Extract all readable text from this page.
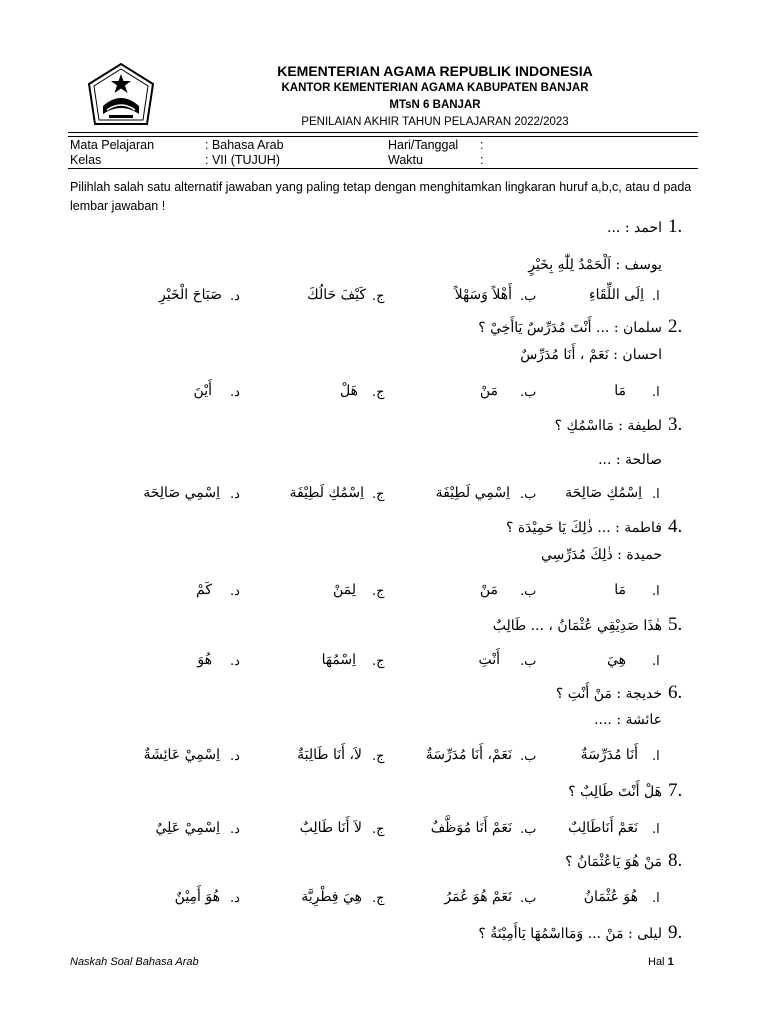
KEMENTERIAN AGAMA REPUBLIK INDONESIA
KANTOR KEMENTERIAN AGAMA KABUPATEN BANJAR
MTsN 6 BANJAR
PENILAIAN AKHIR TAHUN PELAJARAN 2022/2023
Mata Pelajaran	: Bahasa Arab
Kelas	: VII (TUJUH)
Hari/Tanggal :
Waktu	:
Pilihlah salah satu alternatif jawaban yang paling tetap dengan menghitamkan lingkaran huruf a,b,c, atau d pada lembar jawaban !
1.
احمد : ...
يوسف : اَلْحَمْدُ لِلّٰهِ بِخَيْرٍ
ا.
اِلَى اللِّقَاءِ
ب.
أَهْلاً وَسَهْلاً
ج.
كَيْفَ حَالُكَ
د.
صَبَاحَ الْخَيْرِ
2.
سلمان : ... أَنْتَ مُدَرِّسٌ يَاأَخِيْ ؟
احسان : نَعَمْ ، أَنَا مُدَرِّسٌ
ا.
مَا
ب.
مَنْ
ج.
هَلْ
د.
أَيْنَ
3.
لطيفة : مَااسْمُكِ ؟
صالحة : ...
ا.
اِسْمُكِ صَالِحَة
ب.
اِسْمِي لَطِيْفَة
ج.
اِسْمُكِ لَطِيْفَة
د.
اِسْمِي صَالِحَة
4.
فاطمة : ... ذٰلِكَ يَا حَمِيْدَة ؟
حميدة : ذٰلِكَ مُدَرِّسِي
ا.
مَا
ب.
مَنْ
ج.
لِمَنْ
د.
كَمْ
5.
هٰذَا صَدِيْقِي عُثْمَانُ ، ... طَالِبٌ
ا.
هِيَ
ب.
أَنْتِ
ج.
اِسْمُهَا
د.
هُوَ
6.
خديجة : مَنْ أَنْتِ ؟
عائشة : ....
ا.
أَنَا مُدَرِّسَةٌ
ب.
نَعَمْ، أَنَا مُدَرِّسَةٌ
ج.
لاَ، أَنَا طَالِبَةٌ
د.
اِسْمِيْ عَائِشَةٌ
7.
هَلْ أَنْتَ طَالِبٌ ؟
ا.
نَعَمْ أَنَاطَالِبٌ
ب.
نَعَمْ أَنَا مُوَظَّفٌ
ج.
لاَ أَنَا طَالِبٌ
د.
اِسْمِيْ عَلِيٌ
8.
مَنْ هُوَ يَاعُثْمَانُ ؟
ا.
هُوَ عُثْمَانُ
ب.
نَعَمْ هُوَ عُمَرُ
ج.
هِيَ فِطْرِيَّة
د.
هُوَ أَمِيْنٌ
9.
ليلى : مَنْ ... وَمَااسْمُهَا يَاأَمِيْنَةُ ؟
Naskah Soal Bahasa Arab	Hal 1
